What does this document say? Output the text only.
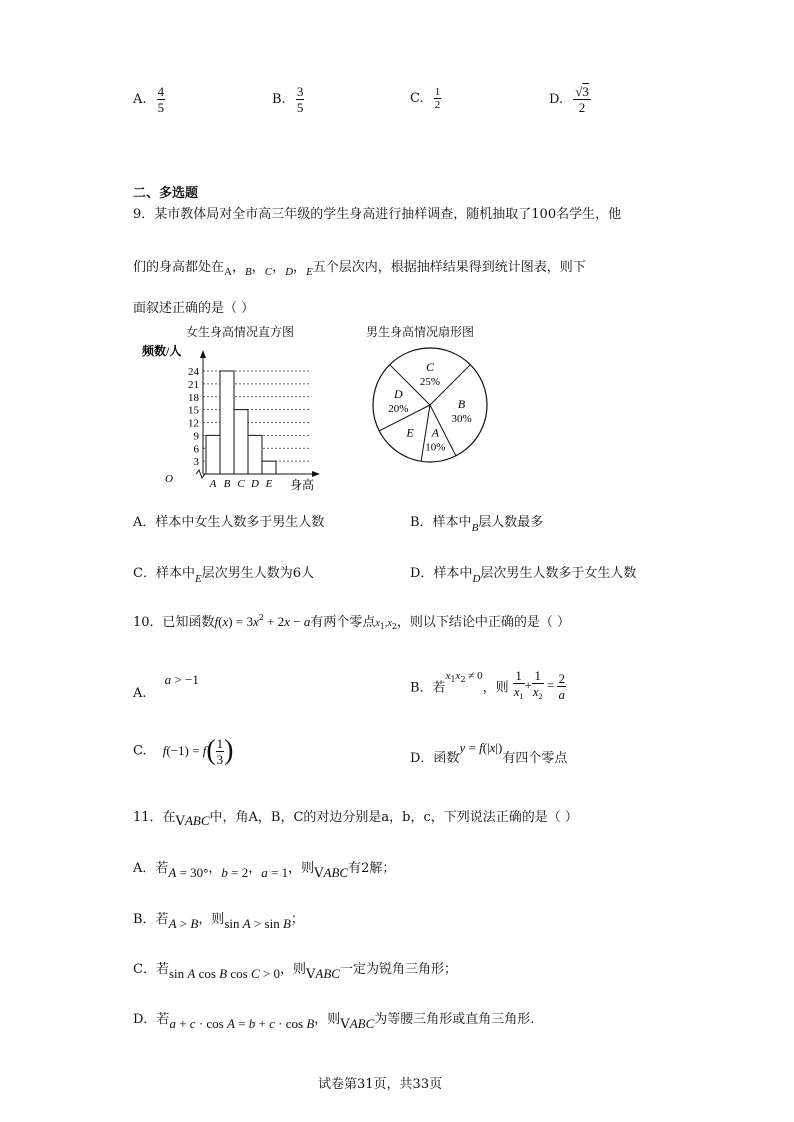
A. $\frac{4}{5}$	B. $\frac{3}{5}$	C. $\frac{1}{2}$	D. $\frac{√3}{2}$
二、多选题
9．某市教体局对全市高三年级的学生身高进行抽样调查，随机抽取了100名学生，他
们的身高都处在$_A$，$_B$，$_C$，$_D$，$_E$五个层次内，根据抽样结果得到统计图表，则下
面叙述正确的是（ ）
女生身高情况直方图
频数/人
O	身高
3
6
9
12
15
18
21
24
A B C D E
男生身高情况扇形图
B
30%
A
10%
E
D
20%
C
25%
A．样本中女生人数多于男生人数	B．样本中$_B$层人数最多
C．样本中$_E$层次男生人数为6人	D．样本中$_D$层次男生人数多于女生人数
10．已知函数$f(x) = 3x^2 + 2x - a$有两个零点$x_1,x_2$，则以下结论中正确的是（ ）
A. a > −1
B．若$^{x_1x_2 \ne 0}$，则 $\frac{1}{x_1} + \frac{1}{x_2} = \frac{2}{a}$
C. $f(-1) = f( \frac{1}{3}$ )	D．函数y = f(|x|)有四个零点
11．在VABC中，角A，B，C的对边分别是a，b，c，下列说法正确的是（ ）
A．若A = 30°，b = 2，a = 1，则VABC有2解；
B．若A > B，则sin A > sin B；
C．若sin A cos B cos C > 0，则VABC一定为锐角三角形；
D．若a + c · cos A = b + c · cos B，则VABC为等腰三角形或直角三角形.
试卷第31页，共33页
